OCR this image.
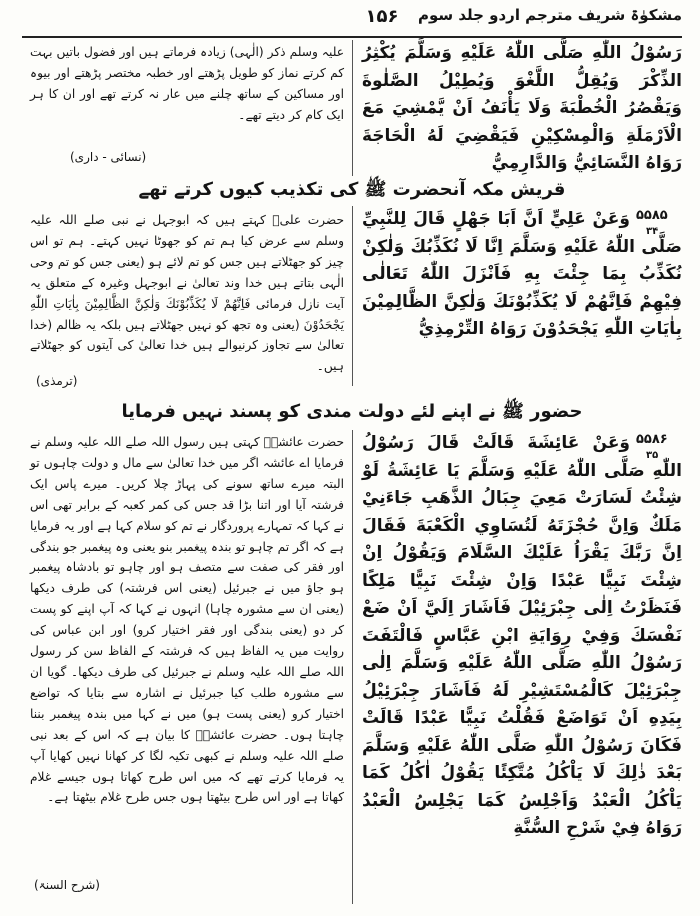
۱۵۶	مشکوٰۃ شریف مترجم اردو جلد سوم
رَسُوْلُ اللّٰهِ صَلَّى اللّٰهُ عَلَيْهِ وَسَلَّمَ يُكْثِرُ الذِّكْرَ وَيُقِلُّ اللَّغْوَ وَيُطِيْلُ الصَّلٰوةَ وَيَقْصُرُ الْخُطْبَةَ وَلَا يَأْنَفُ اَنْ يَّمْشِيَ مَعَ الْاَرْمَلَةِ وَالْمِسْكِيْنِ فَيَقْضِيَ لَهُ الْحَاجَةَ رَوَاهُ النَّسَائِيُّ وَالدَّارِمِيُّ
علیہ وسلم ذکر (الٰہی) زیادہ فرماتے ہیں اور فضول باتیں بہت کم کرتے نماز کو طویل پڑھتے اور خطبہ مختصر پڑھتے اور بیوہ اور مساکین کے ساتھ چلنے میں عار نہ کرتے تھے اور ان کا ہر ایک کام کر دیتے تھے۔
(نسائی - داری)
قریش مکہ آنحضرت ﷺ کی تکذیب کیوں کرتے تھے
۵۵۸۵
۳۴
وَعَنْ عَلِيٍّ اَنَّ اَبَا جَهْلٍ قَالَ لِلنَّبِيِّ صَلَّى اللّٰهُ عَلَيْهِ وَسَلَّمَ اِنَّا لَا نُكَذِّبُكَ وَلٰكِنْ نُكَذِّبُ بِمَا جِئْتَ بِهِ فَاَنْزَلَ اللّٰهُ تَعَالٰى فِيْهِمْ فَاِنَّهُمْ لَا يُكَذِّبُوْنَكَ وَلٰكِنَّ الظَّالِمِيْنَ بِاٰيَاتِ اللّٰهِ يَجْحَدُوْنَ رَوَاهُ التِّرْمِذِيُّ
حضرت علیؓ کہتے ہیں کہ ابوجہل نے نبی صلے اللہ علیہ وسلم سے عرض کیا ہم تم کو جھوٹا نہیں کہتے۔ ہم تو اس چیز کو جھٹلاتے ہیں جس کو تم لائے ہو (یعنی جس کو تم وحی الٰہی بتاتے ہیں خدا وند تعالیٰ نے ابوجہل وغیرہ کے متعلق یہ آیت نازل فرمائی فَاِنَّهُمْ لَا يُكَذِّبُوْنَكَ وَلٰكِنَّ الظَّالِمِيْنَ بِاٰيَاتِ اللّٰهِ يَجْحَدُوْنَ (یعنی وہ تجھ کو نہیں جھٹلاتے ہیں بلکہ یہ ظالم (خدا تعالیٰ سے تجاوز کرنیوالے ہیں خدا تعالیٰ کی آیتوں کو جھٹلاتے ہیں۔
(ترمذی)
حضور ﷺ نے اپنے لئے دولت مندی کو پسند نہیں فرمایا
۵۵۸۶
۳۵
وَعَنْ عَائِشَةَ قَالَتْ قَالَ رَسُوْلُ اللّٰهِ صَلَّى اللّٰهُ عَلَيْهِ وَسَلَّمَ يَا عَائِشَةُ لَوْ شِئْتُ لَسَارَتْ مَعِيَ جِبَالُ الذَّهَبِ جَاءَنِيْ مَلَكٌ وَاِنَّ حُجْزَتَهُ لَتُسَاوِي الْكَعْبَةَ فَقَالَ اِنَّ رَبَّكَ يَقْرَاُ عَلَيْكَ السَّلَامَ وَيَقُوْلُ اِنْ شِئْتَ نَبِيًّا عَبْدًا وَاِنْ شِئْتَ نَبِيًّا مَلِكًا فَنَظَرْتُ اِلٰى جِبْرَئِيْلَ فَاَشَارَ اِلَيَّ اَنْ ضَعْ نَفْسَكَ وَفِيْ رِوَايَةِ ابْنِ عَبَّاسٍ فَالْتَفَتَ رَسُوْلُ اللّٰهِ صَلَّى اللّٰهُ عَلَيْهِ وَسَلَّمَ اِلٰى جِبْرَئِيْلَ كَالْمُسْتَشِيْرِ لَهُ فَاَشَارَ جِبْرَئِيْلُ بِيَدِهِ اَنْ تَوَاضَعْ فَقُلْتُ نَبِيًّا عَبْدًا قَالَتْ فَكَانَ رَسُوْلُ اللّٰهِ صَلَّى اللّٰهُ عَلَيْهِ وَسَلَّمَ بَعْدَ ذٰلِكَ لَا يَاْكُلُ مُتَّكِئًا يَقُوْلُ اٰكُلُ كَمَا يَاْكُلُ الْعَبْدُ وَاَجْلِسُ كَمَا يَجْلِسُ الْعَبْدُ رَوَاهُ فِيْ شَرْحِ السُّنَّةِ
حضرت عائشہؓ کہتی ہیں رسول اللہ صلے اللہ علیہ وسلم نے فرمایا اے عائشہ اگر میں خدا تعالیٰ سے مال و دولت چاہوں تو البتہ میرے ساتھ سونے کی پہاڑ چلا کریں۔ میرے پاس ایک فرشتہ آیا اور اتنا بڑا قد جس کی کمر کعبہ کے برابر تھی اس نے کہا کہ تمہارے پروردگار نے تم کو سلام کہا ہے اور یہ فرمایا ہے کہ اگر تم چاہو تو بندہ پیغمبر بنو یعنی وہ پیغمبر جو بندگی اور فقر کی صفت سے متصف ہو اور چاہو تو بادشاہ پیغمبر ہو جاؤ میں نے جبرئیل (یعنی اس فرشتہ) کی طرف دیکھا (یعنی ان سے مشورہ چاہا) انہوں نے کہا کہ آپ اپنے کو پست کر دو (یعنی بندگی اور فقر اختیار کرو) اور ابن عباس کی روایت میں یہ الفاظ ہیں کہ فرشتہ کے الفاظ سن کر رسول اللہ صلے اللہ علیہ وسلم نے جبرئیل کی طرف دیکھا۔ گویا ان سے مشورہ طلب کیا جبرئیل نے اشارہ سے بتایا کہ تواضع اختیار کرو (یعنی پست ہو) میں نے کہا میں بندہ پیغمبر بننا چاہتا ہوں۔ حضرت عائشہؓ کا بیان ہے کہ اس کے بعد نبی صلے اللہ علیہ وسلم نے کبھی تکیہ لگا کر کھانا نہیں کھایا آپ یہ فرمایا کرتے تھے کہ میں اس طرح کھاتا ہوں جیسے غلام کھاتا ہے اور اس طرح بیٹھتا ہوں جس طرح غلام بیٹھتا ہے۔
(شرح السنۃ)
